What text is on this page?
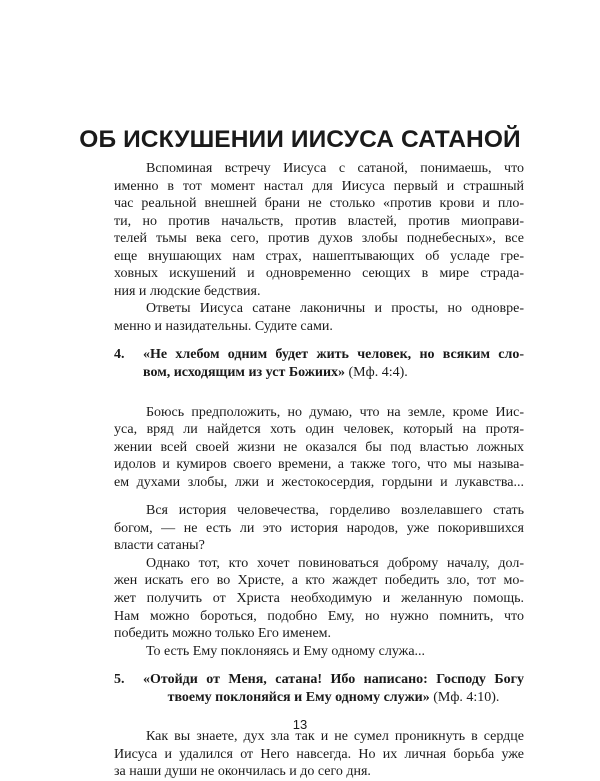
ОБ ИСКУШЕНИИ ИИСУСА САТАНОЙ
Вспоминая встречу Иисуса с сатаной, понимаешь, что
именно в тот момент настал для Иисуса первый и страшный
час реальной внешней брани не столько «против крови и пло-
ти, но против начальств, против властей, против миоправи-
телей тьмы века сего, против духов злобы поднебесных», все
еще внушающих нам страх, нашептывающих об усладе гре-
ховных искушений и одновременно сеющих в мире страда-
ния и людские бедствия.
Ответы Иисуса сатане лаконичны и просты, но одновре-
менно и назидательны. Судите сами.
4. «Не хлебом одним будет жить человек, но всяким сло-
вом, исходящим из уст Божиих» (Мф. 4:4).
Боюсь предположить, но думаю, что на земле, кроме Иис-
уса, вряд ли найдется хоть один человек, который на протя-
жении всей своей жизни не оказался бы под властью ложных
идолов и кумиров своего времени, а также того, что мы называ-
ем духами злобы, лжи и жестокосердия, гордыни и лукавства...
Вся история человечества, горделиво возлелавшего стать
богом, — не есть ли это история народов, уже покорившихся
власти сатаны?
Однако тот, кто хочет повиноваться доброму началу, дол-
жен искать его во Христе, а кто жаждет победить зло, тот мо-
жет получить от Христа необходимую и желанную помощь.
Нам можно бороться, подобно Ему, но нужно помнить, что
победить можно только Его именем.
То есть Ему поклоняясь и Ему одному служа...
13
5. «Отойди от Меня, сатана! Ибо написано: Господу Богу
твоему поклоняйся и Ему одному служи» (Мф. 4:10).
Как вы знаете, дух зла так и не сумел проникнуть в сердце
Иисуса и удалился от Него навсегда. Но их личная борьба уже
за наши души не окончилась и до сего дня.
